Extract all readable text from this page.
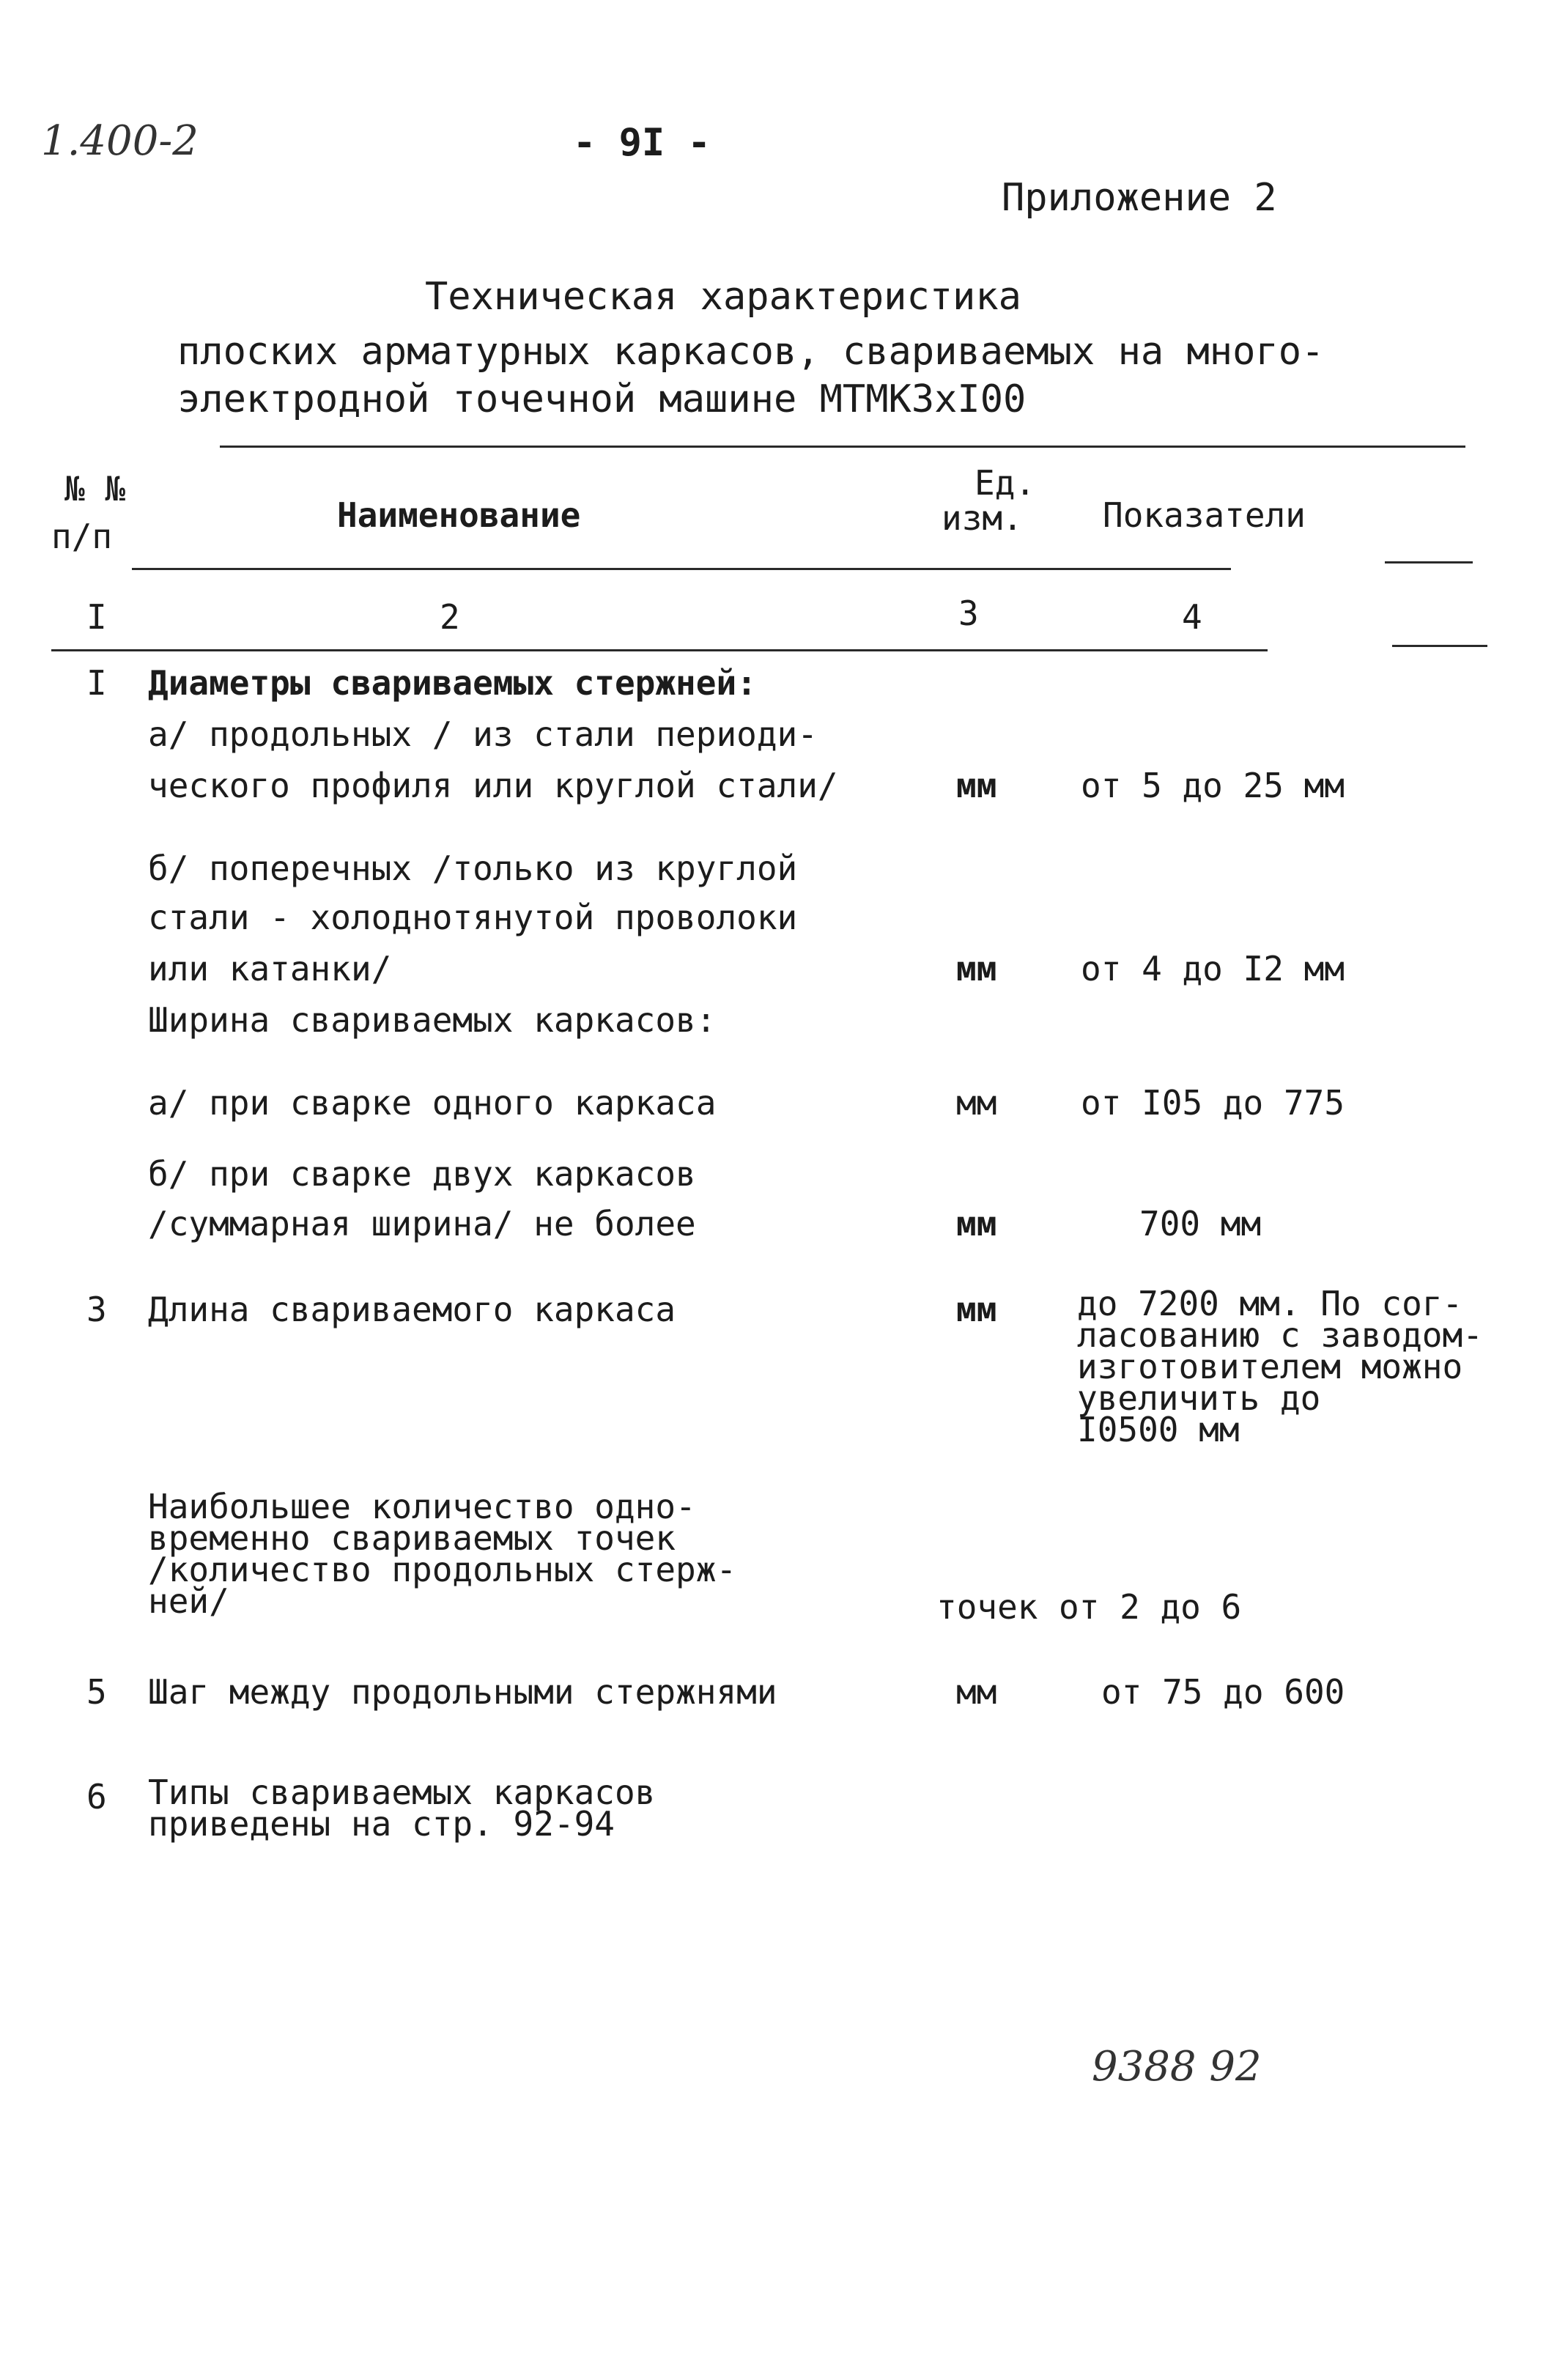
1.400-2	- 9I -
Приложение 2
Техническая характеристика
плоских арматурных каркасов, свариваемых на много-
электродной точечной машине МТМК3хI00
№ №
п/п
Наименование
Ед.
изм. Показатели
I	2	3	4
I Диаметры свариваемых стержней:
а/ продольных / из стали периоди-
ческого профиля или круглой стали/	мм от 5 до 25 мм
б/ поперечных /только из круглой
стали - холоднотянутой проволоки
или катанки/	мм от 4 до I2 мм
Ширина свариваемых каркасов:
а/ при сварке одного каркаса	мм от I05 до 775
б/ при сварке двух каркасов
/суммарная ширина/ не более	мм	700 мм
3 Длина свариваемого каркаса	мм до 7200 мм. По сог-
ласованию с заводом-
изготовителем можно
увеличить до
I0500 мм
Наибольшее количество одно-
временно свариваемых точек
/количество продольных стерж-
ней/	точек от 2 до 6
5 Шаг между продольными стержнями	мм	от 75 до 600
6 Типы свариваемых каркасов
приведены на стр. 92-94
9388 92
